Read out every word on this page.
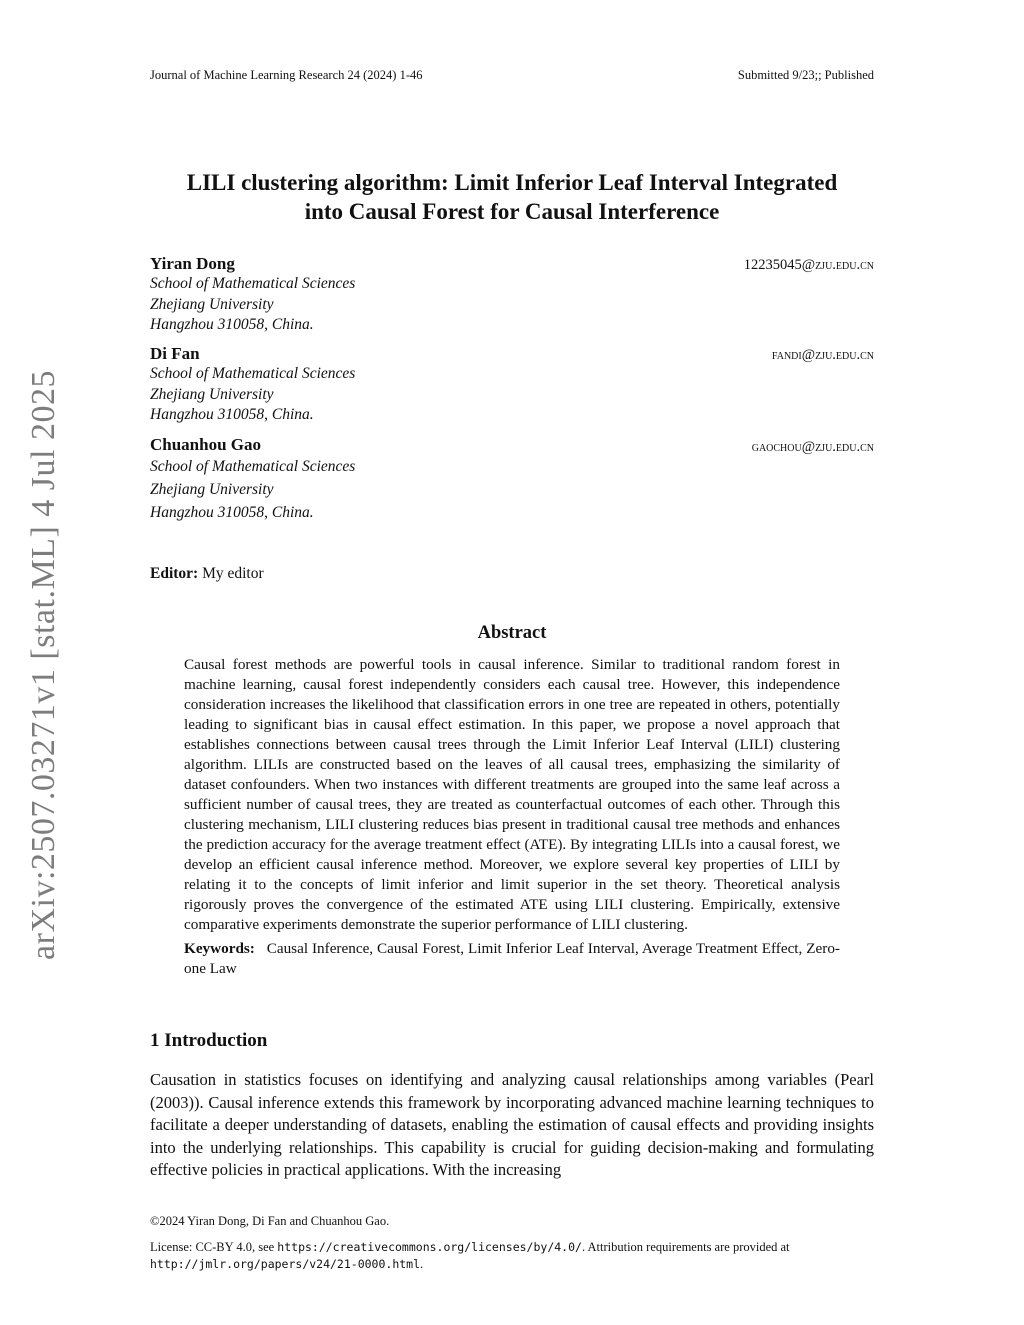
arXiv:2507.03271v1 [stat.ML] 4 Jul 2025
Journal of Machine Learning Research 24 (2024) 1-46	Submitted 9/23;; Published
LILI clustering algorithm: Limit Inferior Leaf Interval Integrated
into Causal Forest for Causal Interference
Yiran Dong
School of Mathematical Sciences
Zhejiang University
Hangzhou 310058, China.
12235045@zju.edu.cn
Di Fan
School of Mathematical Sciences
Zhejiang University
Hangzhou 310058, China.
fandi@zju.edu.cn
Chuanhou Gao
School of Mathematical Sciences
Zhejiang University
Hangzhou 310058, China.
gaochou@zju.edu.cn
Editor: My editor
Abstract
Causal forest methods are powerful tools in causal inference. Similar to traditional random forest in machine learning, causal forest independently considers each causal tree. However, this independence consideration increases the likelihood that classification errors in one tree are repeated in others, potentially leading to significant bias in causal effect estimation. In this paper, we propose a novel approach that establishes connections between causal trees through the Limit Inferior Leaf Interval (LILI) clustering algorithm. LILIs are constructed based on the leaves of all causal trees, emphasizing the similarity of dataset confounders. When two instances with different treatments are grouped into the same leaf across a sufficient number of causal trees, they are treated as counterfactual outcomes of each other. Through this clustering mechanism, LILI clustering reduces bias present in traditional causal tree methods and enhances the prediction accuracy for the average treatment effect (ATE). By integrating LILIs into a causal forest, we develop an efficient causal inference method. Moreover, we explore several key properties of LILI by relating it to the concepts of limit inferior and limit superior in the set theory. Theoretical analysis rigorously proves the convergence of the estimated ATE using LILI clustering. Empirically, extensive comparative experiments demonstrate the superior performance of LILI clustering.
Keywords: Causal Inference, Causal Forest, Limit Inferior Leaf Interval, Average Treatment Effect, Zero-one Law
1 Introduction
Causation in statistics focuses on identifying and analyzing causal relationships among variables (Pearl (2003)). Causal inference extends this framework by incorporating advanced machine learning techniques to facilitate a deeper understanding of datasets, enabling the estimation of causal effects and providing insights into the underlying relationships. This capability is crucial for guiding decision-making and formulating effective policies in practical applications. With the increasing
©2024 Yiran Dong, Di Fan and Chuanhou Gao.
License: CC-BY 4.0, see https://creativecommons.org/licenses/by/4.0/. Attribution requirements are provided at
http://jmlr.org/papers/v24/21-0000.html.
